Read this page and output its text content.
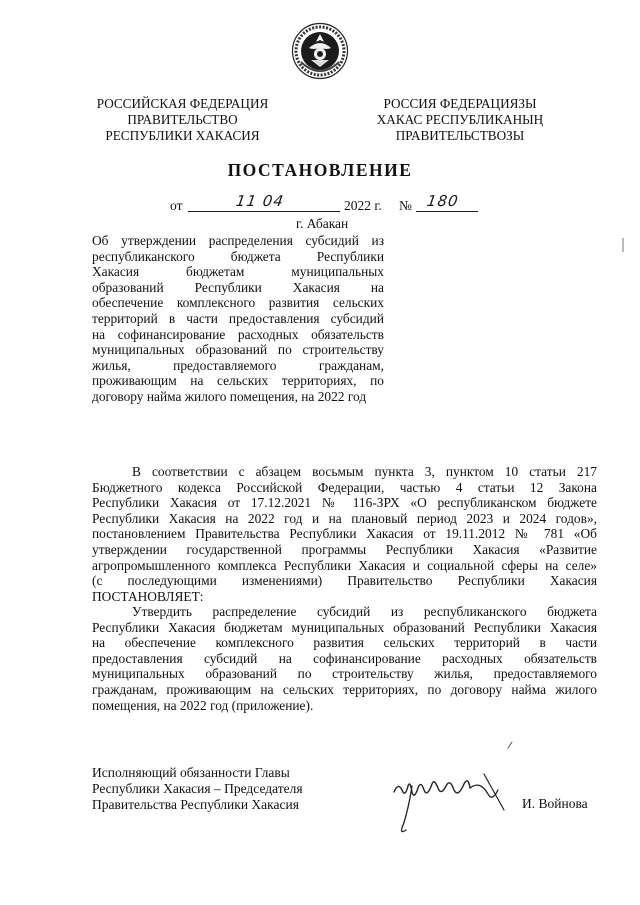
РОССИЙСКАЯ ФЕДЕРАЦИЯ
ПРАВИТЕЛЬСТВО
РЕСПУБЛИКИ ХАКАСИЯ
РОССИЯ ФЕДЕРАЦИЯЗЫ
ХАКАС РЕСПУБЛИКАНЫҢ
ПРАВИТЕЛЬСТВОЗЫ
ПОСТАНОВЛЕНИЕ
от	11 04	2022 г. № 180
г. Абакан
Об утверждении распределения субсидий из
республиканского бюджета Республики
Хакасия бюджетам муниципальных
образований Республики Хакасия на
обеспечение комплексного развития сельских
территорий в части предоставления субсидий
на софинансирование расходных обязательств
муниципальных образований по строительству
жилья, предоставляемого гражданам,
проживающим на сельских территориях, по
договору найма жилого помещения, на 2022 год
В соответствии с абзацем восьмым пункта 3, пунктом 10 статьи 217
Бюджетного кодекса Российской Федерации, частью 4 статьи 12 Закона
Республики Хакасия от 17.12.2021 № 116-ЗРХ «О республиканском бюджете
Республики Хакасия на 2022 год и на плановый период 2023 и 2024 годов»,
постановлением Правительства Республики Хакасия от 19.11.2012 № 781 «Об
утверждении государственной программы Республики Хакасия «Развитие
агропромышленного комплекса Республики Хакасия и социальной сферы на селе»
(с последующими изменениями) Правительство Республики Хакасия
ПОСТАНОВЛЯЕТ:
Утвердить распределение субсидий из республиканского бюджета
Республики Хакасия бюджетам муниципальных образований Республики Хакасия
на обеспечение комплексного развития сельских территорий в части
предоставления субсидий на софинансирование расходных обязательств
муниципальных образований по строительству жилья, предоставляемого
гражданам, проживающим на сельских территориях, по договору найма жилого
помещения, на 2022 год (приложение).
Исполняющий обязанности Главы
Республики Хакасия – Председателя
Правительства Республики Хакасия	И. Войнова
